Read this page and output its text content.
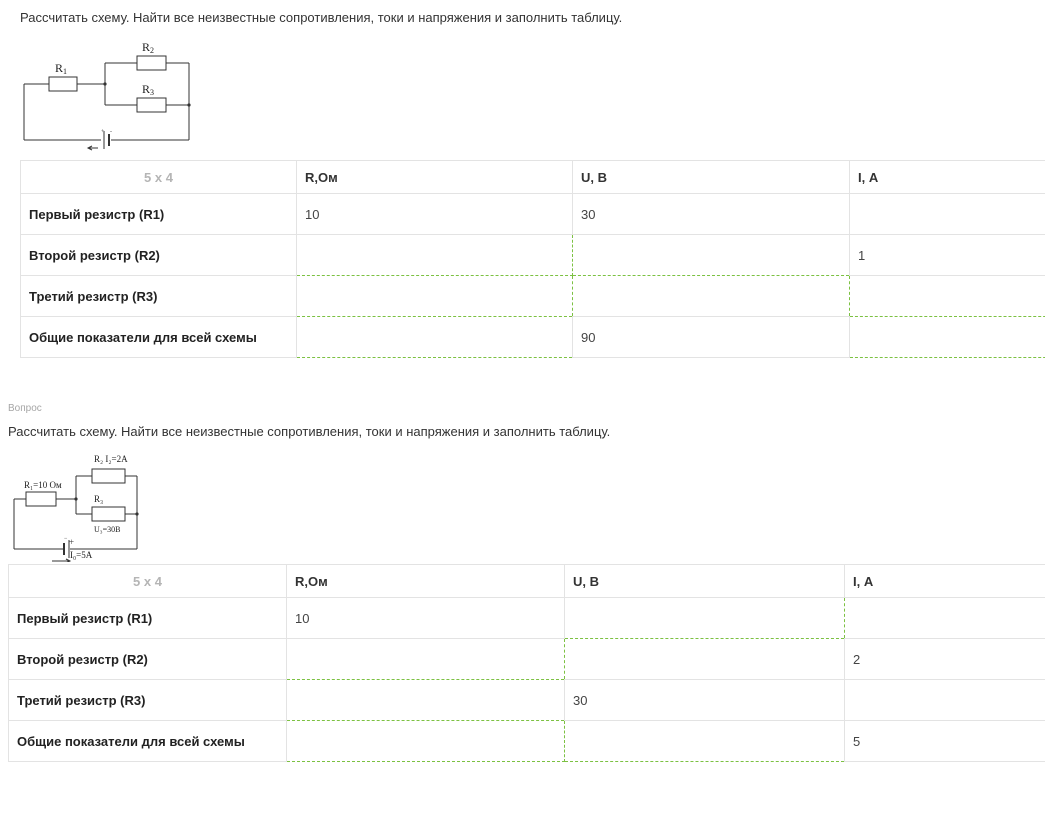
Рассчитать схему. Найти все неизвестные сопротивления, токи и напряжения и заполнить таблицу.

+ -
R1
R2
R3
5 x 4	R,Ом	U, В	I, А
Первый резистр (R1)	10	30	
Второй резистр (R2)			1
Третий резистр (R3)			
Общие показатели для всей схемы		90	
Вопрос

Рассчитать схему. Найти все неизвестные сопротивления, токи и напряжения и заполнить таблицу.

− +
R₁=10 Ом
R₂ I₂=2A
R₃
U₃=30В
I₀=5A
5 x 4	R,Ом	U, В	I, А
Первый резистр (R1)	10		
Второй резистр (R2)			2
Третий резистр (R3)		30	
Общие показатели для всей схемы			5
